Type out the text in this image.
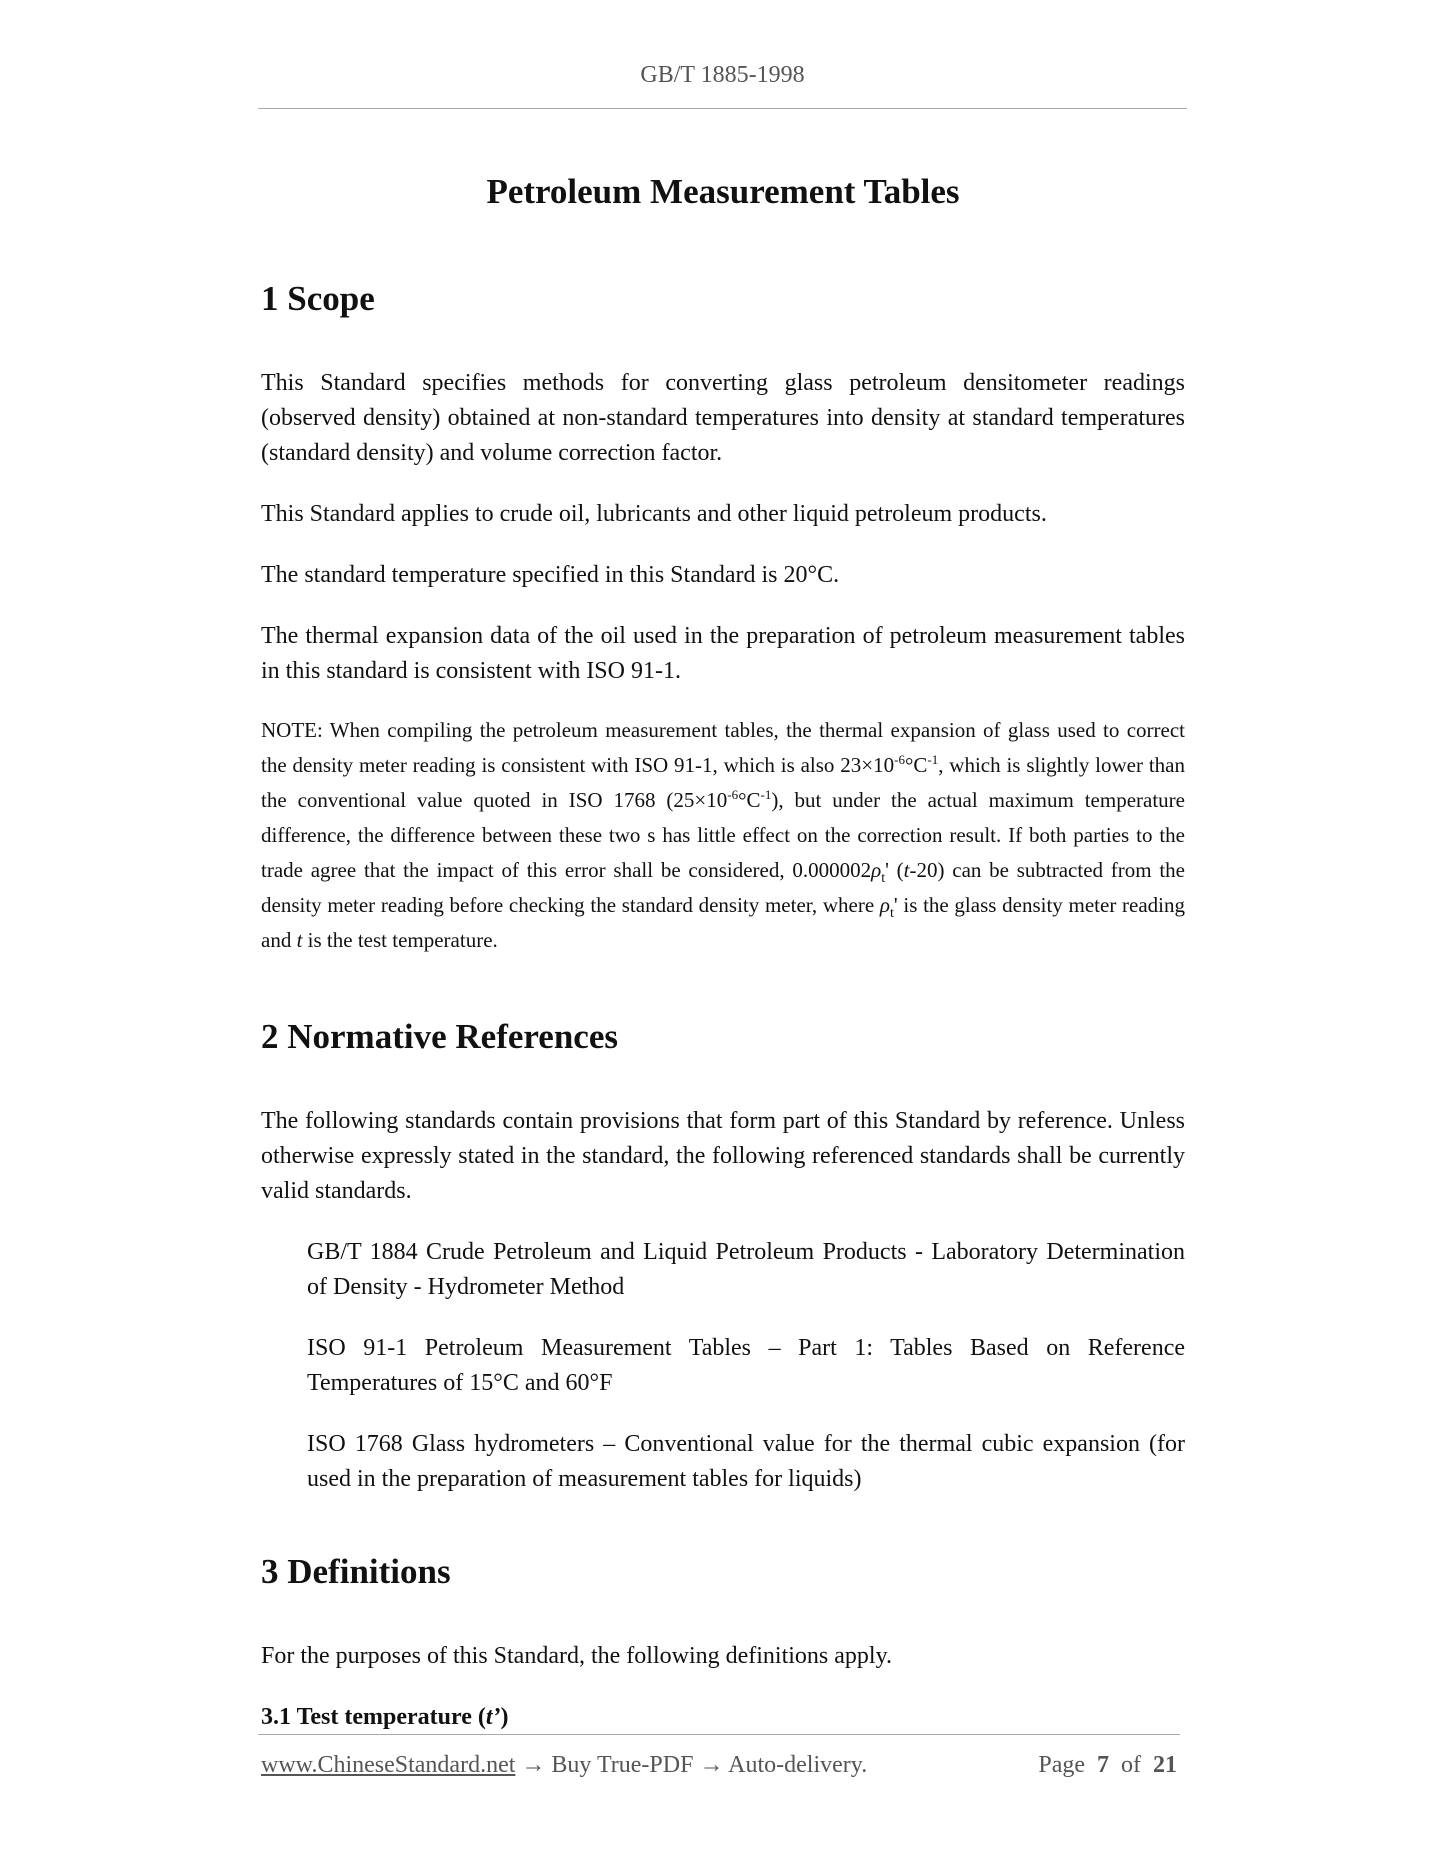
GB/T 1885-1998
Petroleum Measurement Tables
1 Scope

This Standard specifies methods for converting glass petroleum densitometer readings (observed density) obtained at non-standard temperatures into density at standard temperatures (standard density) and volume correction factor.

This Standard applies to crude oil, lubricants and other liquid petroleum products.

The standard temperature specified in this Standard is 20°C.

The thermal expansion data of the oil used in the preparation of petroleum measurement tables in this standard is consistent with ISO 91-1.

NOTE: When compiling the petroleum measurement tables, the thermal expansion of glass used to correct the density meter reading is consistent with ISO 91-1, which is also $23\times 10^{-6}^\circ C^{-1}$, which is slightly lower than the conventional value quoted in ISO 1768 $(25\times 10^{-6}^\circ C^{-1})$, but under the actual maximum temperature difference, the difference between these two s has little effect on the correction result. If both parties to the trade agree that the impact of this error shall be considered, $0.000002\rho_t'$ (t-20) can be subtracted from the density meter reading before checking the standard density meter, where $\rho_t'$ is the glass density meter reading and t is the test temperature.

2 Normative References

The following standards contain provisions that form part of this Standard by reference. Unless otherwise expressly stated in the standard, the following referenced standards shall be currently valid standards.

GB/T 1884 Crude Petroleum and Liquid Petroleum Products - Laboratory Determination of Density - Hydrometer Method
ISO 91-1 Petroleum Measurement Tables – Part 1: Tables Based on Reference Temperatures of 15°C and 60°F
ISO 1768 Glass hydrometers – Conventional value for the thermal cubic expansion (for used in the preparation of measurement tables for liquids)
3 Definitions

For the purposes of this Standard, the following definitions apply.

3.1 Test temperature (t’)
www.ChineseStandard.net → Buy True-PDF → Auto-delivery.	Page 7 of 21
